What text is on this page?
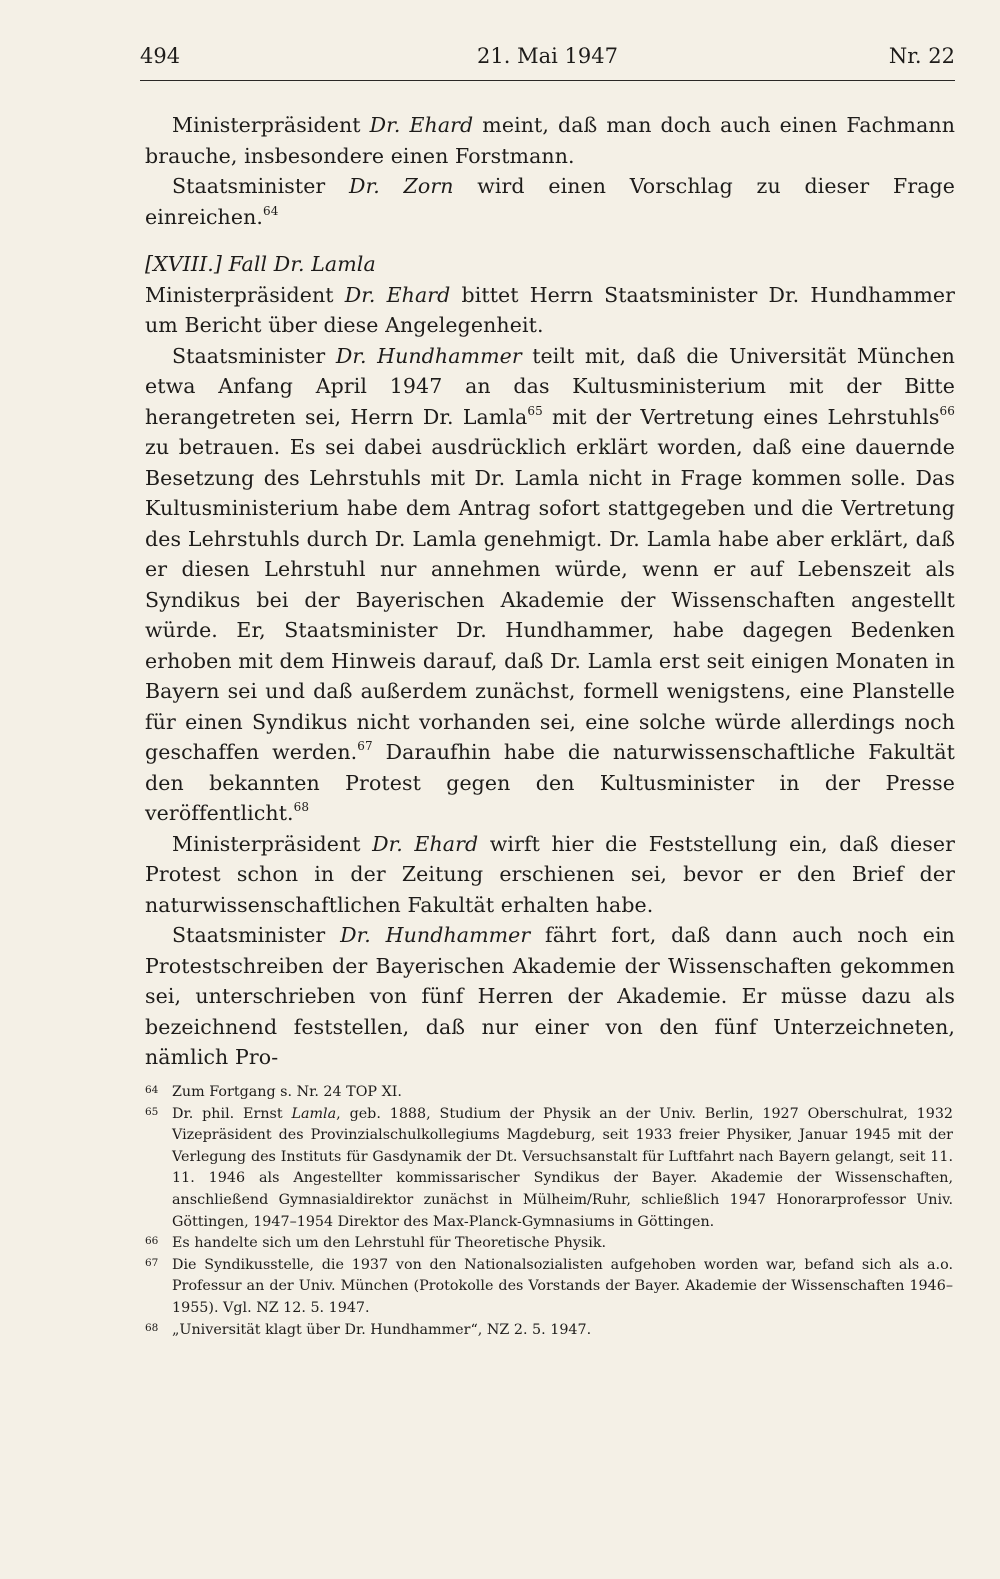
494	21. Mai 1947	Nr. 22

Ministerpräsident Dr. Ehard meint, daß man doch auch einen Fachmann brauche, insbesondere einen Forstmann.

Staatsminister Dr. Zorn wird einen Vorschlag zu dieser Frage einreichen.$^{64}$

[XVIII.] Fall Dr. Lamla

Ministerpräsident Dr. Ehard bittet Herrn Staatsminister Dr. Hundhammer um Bericht über diese Angelegenheit.

Staatsminister Dr. Hundhammer teilt mit, daß die Universität München etwa Anfang April 1947 an das Kultusministerium mit der Bitte herangetreten sei, Herrn Dr. Lamla$^{65}$ mit der Vertretung eines Lehrstuhls$^{66}$ zu betrauen. Es sei dabei ausdrücklich erklärt worden, daß eine dauernde Besetzung des Lehrstuhls mit Dr. Lamla nicht in Frage kommen solle. Das Kultusministerium habe dem Antrag sofort stattgegeben und die Vertretung des Lehrstuhls durch Dr. Lamla genehmigt. Dr. Lamla habe aber erklärt, daß er diesen Lehrstuhl nur annehmen würde, wenn er auf Lebenszeit als Syndikus bei der Bayerischen Akademie der Wissenschaften angestellt würde. Er, Staatsminister Dr. Hundhammer, habe dagegen Bedenken erhoben mit dem Hinweis darauf, daß Dr. Lamla erst seit einigen Monaten in Bayern sei und daß außerdem zunächst, formell wenigstens, eine Planstelle für einen Syndikus nicht vorhanden sei, eine solche würde allerdings noch geschaffen werden.$^{67}$ Daraufhin habe die naturwissenschaftliche Fakultät den bekannten Protest gegen den Kultusminister in der Presse veröffentlicht.$^{68}$

Ministerpräsident Dr. Ehard wirft hier die Feststellung ein, daß dieser Protest schon in der Zeitung erschienen sei, bevor er den Brief der naturwissenschaftlichen Fakultät erhalten habe.

Staatsminister Dr. Hundhammer fährt fort, daß dann auch noch ein Protestschreiben der Bayerischen Akademie der Wissenschaften gekommen sei, unterschrieben von fünf Herren der Akademie. Er müsse dazu als bezeichnend feststellen, daß nur einer von den fünf Unterzeichneten, nämlich Pro-

64 Zum Fortgang s. Nr. 24 TOP XI.
65 Dr. phil. Ernst Lamla, geb. 1888, Studium der Physik an der Univ. Berlin, 1927 Oberschulrat, 1932 Vizepräsident des Provinzialschulkollegiums Magdeburg, seit 1933 freier Physiker, Januar 1945 mit der Verlegung des Instituts für Gasdynamik der Dt. Versuchsanstalt für Luftfahrt nach Bayern gelangt, seit 11. 11. 1946 als Angestellter kommissarischer Syndikus der Bayer. Akademie der Wissenschaften, anschließend Gymnasialdirektor zunächst in Mülheim/Ruhr, schließlich 1947 Honorarprofessor Univ. Göttingen, 1947–1954 Direktor des Max-Planck-Gymnasiums in Göttingen.
66 Es handelte sich um den Lehrstuhl für Theoretische Physik.
67 Die Syndikusstelle, die 1937 von den Nationalsozialisten aufgehoben worden war, befand sich als a.o. Professur an der Univ. München (Protokolle des Vorstands der Bayer. Akademie der Wissenschaften 1946–1955). Vgl. NZ 12. 5. 1947.
68 „Universität klagt über Dr. Hundhammer“, NZ 2. 5. 1947.
